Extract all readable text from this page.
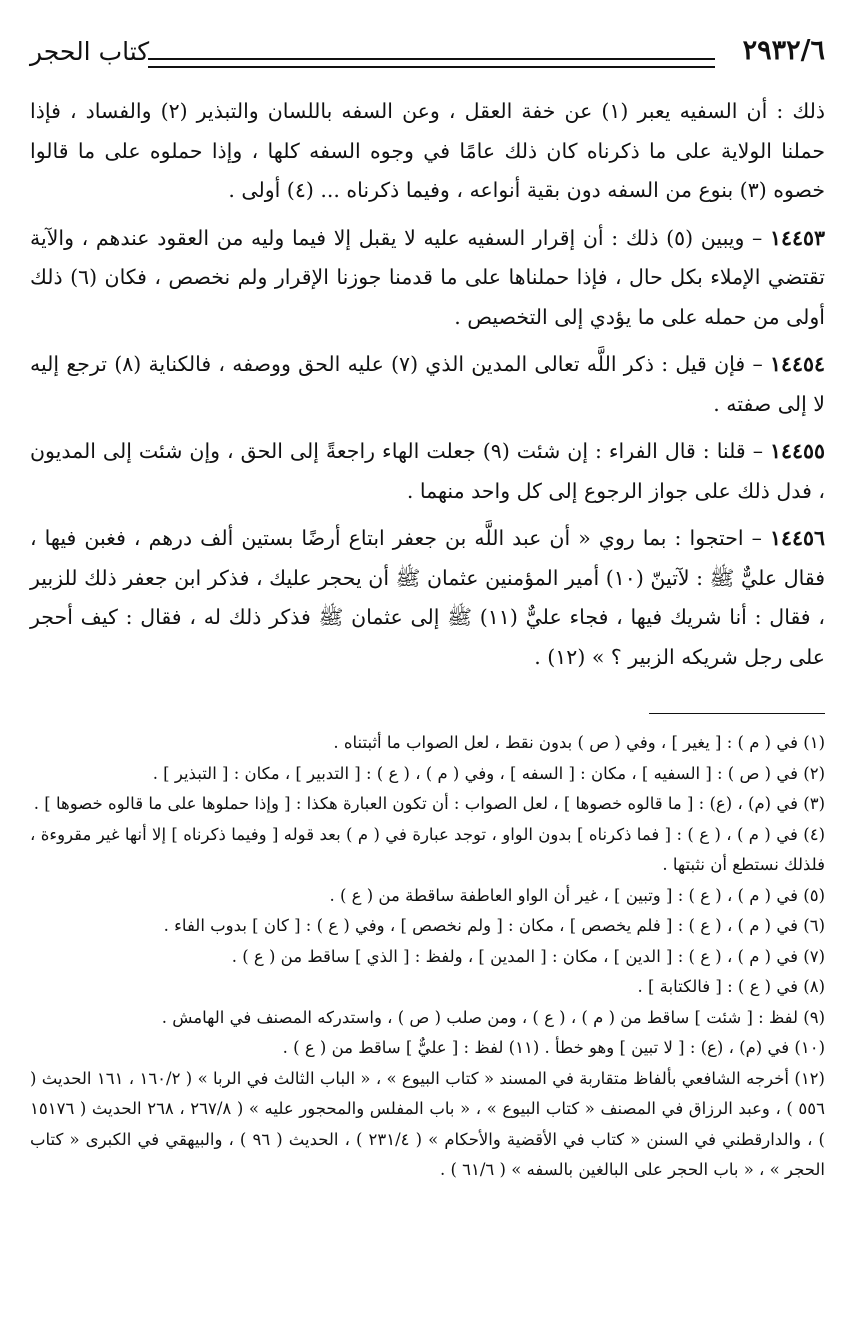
٢٩٣٢/٦
كتاب الحجر

ذلك : أن السفيه يعبر (١) عن خفة العقل ، وعن السفه باللسان والتبذير (٢) والفساد ، فإذا حملنا الولاية على ما ذكرناه كان ذلك عامًا في وجوه السفه كلها ، وإذا حملوه على ما قالوا خصوه (٣) بنوع من السفه دون بقية أنواعه ، وفيما ذكرناه ... (٤) أولى .

١٤٤٥٣ – ويبين (٥) ذلك : أن إقرار السفيه عليه لا يقبل إلا فيما وليه من العقود عندهم ، والآية تقتضي الإملاء بكل حال ، فإذا حملناها على ما قدمنا جوزنا الإقرار ولم نخصص ، فكان (٦) ذلك أولى من حمله على ما يؤدي إلى التخصيص .

١٤٤٥٤ – فإن قيل : ذكر اللَّه تعالى المدين الذي (٧) عليه الحق ووصفه ، فالكناية (٨) ترجع إليه لا إلى صفته .

١٤٤٥٥ – قلنا : قال الفراء : إن شئت (٩) جعلت الهاء راجعةً إلى الحق ، وإن شئت إلى المديون ، فدل ذلك على جواز الرجوع إلى كل واحد منهما .

١٤٤٥٦ – احتجوا : بما روي « أن عبد اللَّه بن جعفر ابتاع أرضًا بستين ألف درهم ، فغبن فيها ، فقال عليٌّ ﷺ : لآتينّ (١٠) أمير المؤمنين عثمان ﷺ أن يحجر عليك ، فذكر ابن جعفر ذلك للزبير ، فقال : أنا شريك فيها ، فجاء عليٌّ (١١) ﷺ إلى عثمان ﷺ فذكر ذلك له ، فقال : كيف أحجر على رجل شريكه الزبير ؟ » (١٢) .

(١) في ( م ) : [ يغير ] ، وفي ( ص ) بدون نقط ، لعل الصواب ما أثبتناه .

(٢) في ( ص ) : [ السفيه ] ، مكان : [ السفه ] ، وفي ( م ) ، ( ع ) : [ التدبير ] ، مكان : [ التبذير ] .

(٣) في (م) ، (ع) : [ ما قالوه خصوها ] ، لعل الصواب : أن تكون العبارة هكذا : [ وإذا حملوها على ما قالوه خصوها ] .

(٤) في ( م ) ، ( ع ) : [ فما ذكرناه ] بدون الواو ، توجد عبارة في ( م ) بعد قوله [ وفيما ذكرناه ] إلا أنها غير مقروءة ، فلذلك نستطع أن نثبتها .

(٥) في ( م ) ، ( ع ) : [ وتبين ] ، غير أن الواو العاطفة ساقطة من ( ع ) .

(٦) في ( م ) ، ( ع ) : [ فلم يخصص ] ، مكان : [ ولم نخصص ] ، وفي ( ع ) : [ كان ] بدوب الفاء .

(٧) في ( م ) ، ( ع ) : [ الدين ] ، مكان : [ المدين ] ، ولفظ : [ الذي ] ساقط من ( ع ) .

(٨) في ( ع ) : [ فالكتابة ] .

(٩) لفظ : [ شئت ] ساقط من ( م ) ، ( ع ) ، ومن صلب ( ص ) ، واستدركه المصنف في الهامش .

(١٠) في (م) ، (ع) : [ لا تبين ] وهو خطأ . (١١) لفظ : [ عليٌّ ] ساقط من ( ع ) .

(١٢) أخرجه الشافعي بألفاظ متقاربة في المسند « كتاب البيوع » ، « الباب الثالث في الربا » ( ١٦٠/٢ ، ١٦١ الحديث ( ٥٥٦ ) ، وعبد الرزاق في المصنف « كتاب البيوع » ، « باب المفلس والمحجور عليه » ( ٢٦٧/٨ ، ٢٦٨ الحديث ( ١٥١٧٦ ) ، والدارقطني في السنن « كتاب في الأقضية والأحكام » ( ٢٣١/٤ ) ، الحديث ( ٩٦ ) ، والبيهقي في الكبرى « كتاب الحجر » ، « باب الحجر على البالغين بالسفه » ( ٦١/٦ ) .
